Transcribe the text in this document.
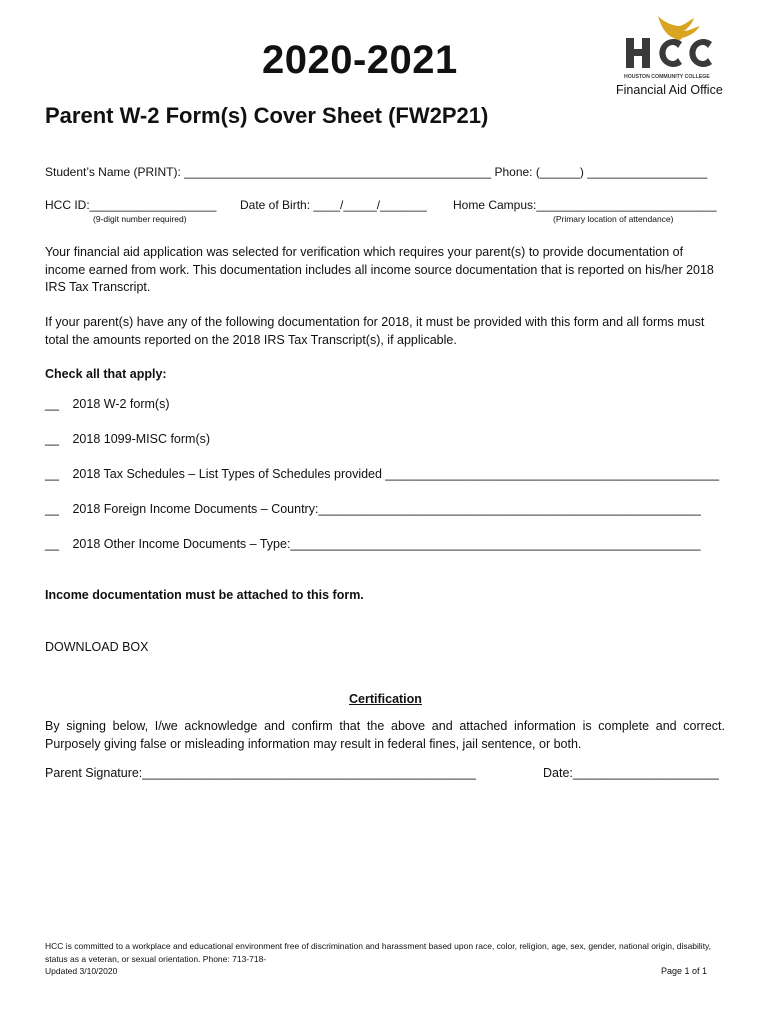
2020-2021	HOUSTON COMMUNITY COLLEGE
Financial Aid Office
Parent W-2 Form(s) Cover Sheet (FW2P21)
Student’s Name (PRINT): ______________________________________________ Phone: (______) __________________
HCC ID:___________________
(9-digit number required)
Date of Birth: ____/_____/_______ Home Campus:___________________________
(Primary location of attendance)
Your financial aid application was selected for verification which requires your parent(s) to provide documentation of income earned from work. This documentation includes all income source documentation that is reported on his/her 2018 IRS Tax Transcript.
If your parent(s) have any of the following documentation for 2018, it must be provided with this form and all forms must total the amounts reported on the 2018 IRS Tax Transcript(s), if applicable.
Check all that apply:
__ 2018 W-2 form(s)
__ 2018 1099-MISC form(s)
__ 2018 Tax Schedules – List Types of Schedules provided ________________________________________________
__ 2018 Foreign Income Documents – Country:_______________________________________________________
__ 2018 Other Income Documents – Type:___________________________________________________________
Income documentation must be attached to this form.
DOWNLOAD BOX
Certification
By signing below, I/we acknowledge and confirm that the above and attached information is complete and correct. Purposely giving false or misleading information may result in federal fines, jail sentence, or both.
Parent Signature:________________________________________________	Date:_____________________
HCC is committed to a workplace and educational environment free of discrimination and harassment based upon race, color, religion, age, sex, gender, national origin, disability, status as a veteran, or sexual orientation. Phone: 713-718-
Updated 3/10/2020	Page 1 of 1
